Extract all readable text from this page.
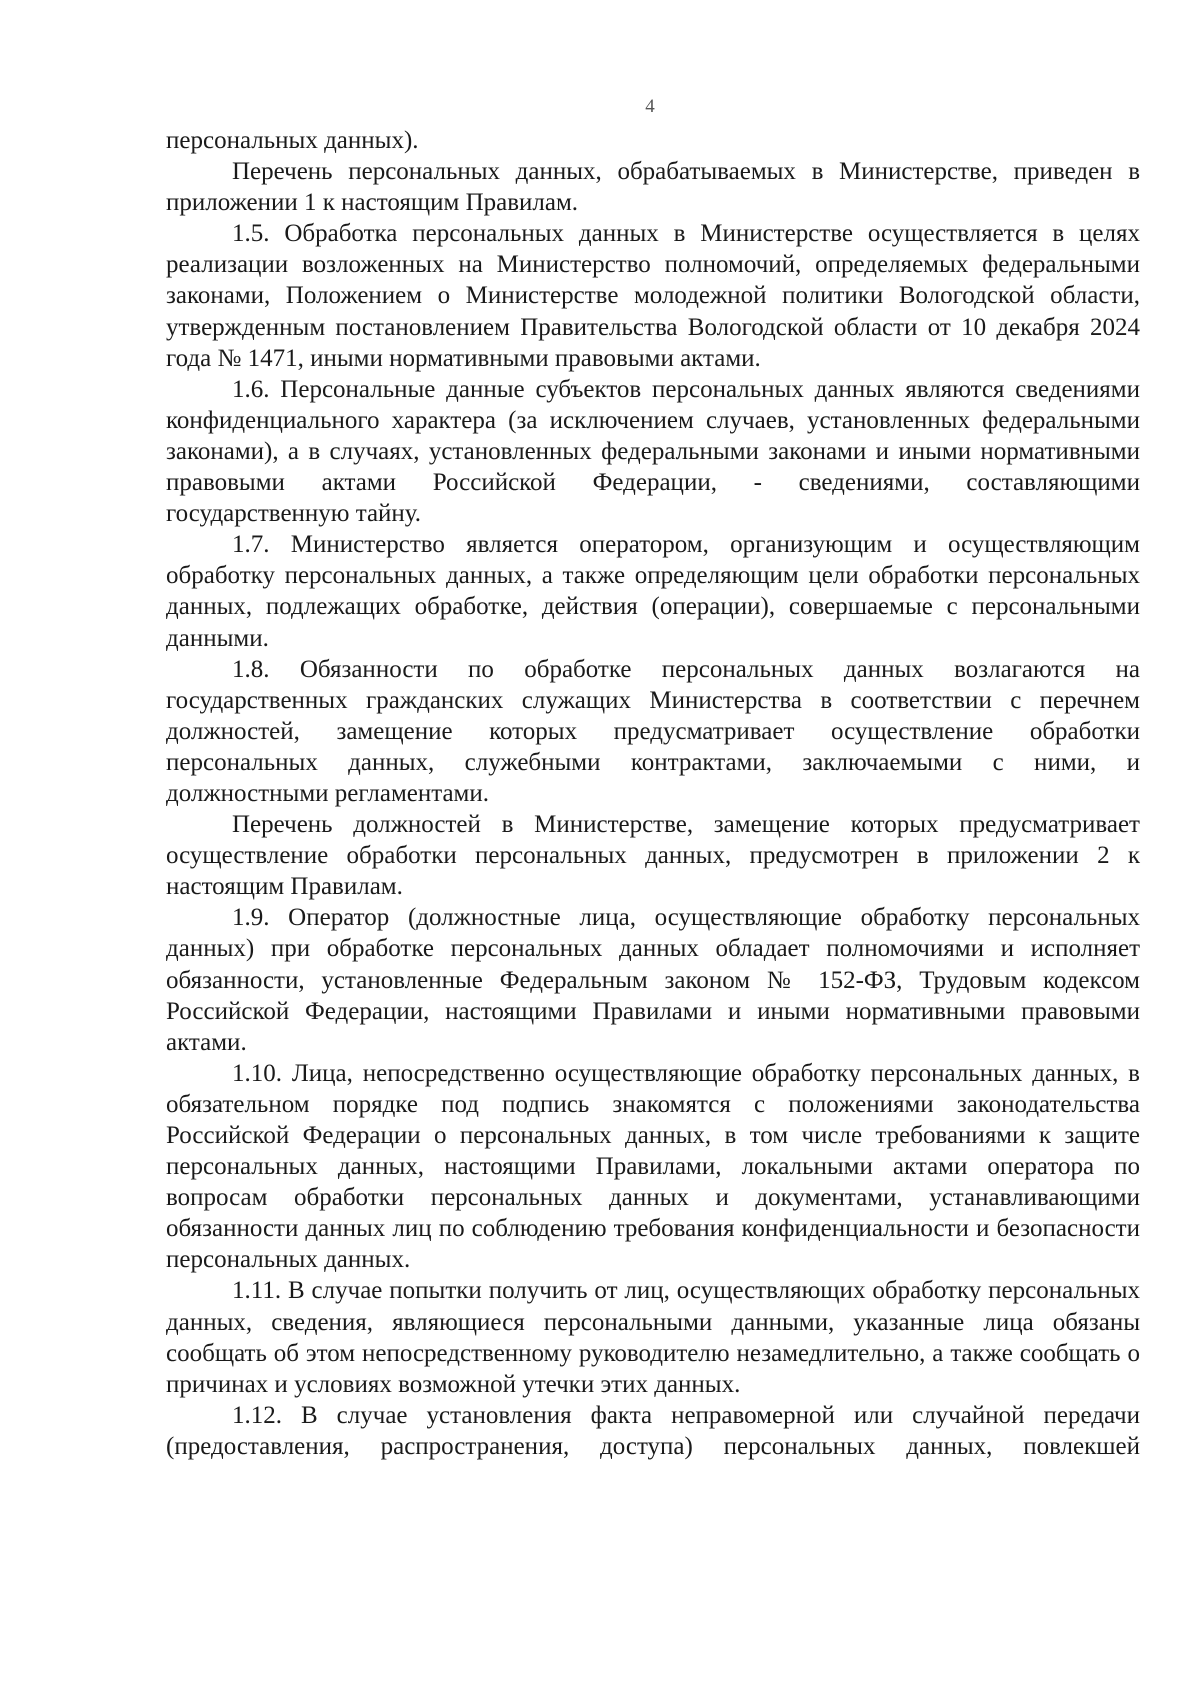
4

персональных данных).

Перечень персональных данных, обрабатываемых в Министерстве, приведен в приложении 1 к настоящим Правилам.

1.5. Обработка персональных данных в Министерстве осуществляется в целях реализации возложенных на Министерство полномочий, определяемых федеральными законами, Положением о Министерстве молодежной политики Вологодской области, утвержденным постановлением Правительства Вологодской области от 10 декабря 2024 года № 1471, иными нормативными правовыми актами.

1.6. Персональные данные субъектов персональных данных являются сведениями конфиденциального характера (за исключением случаев, установленных федеральными законами), а в случаях, установленных федеральными законами и иными нормативными правовыми актами Российской Федерации, - сведениями, составляющими государственную тайну.

1.7. Министерство является оператором, организующим и осуществляющим обработку персональных данных, а также определяющим цели обработки персональных данных, подлежащих обработке, действия (операции), совершаемые с персональными данными.

1.8. Обязанности по обработке персональных данных возлагаются на государственных гражданских служащих Министерства в соответствии с перечнем должностей, замещение которых предусматривает осуществление обработки персональных данных, служебными контрактами, заключаемыми с ними, и должностными регламентами.

Перечень должностей в Министерстве, замещение которых предусматривает осуществление обработки персональных данных, предусмотрен в приложении 2 к настоящим Правилам.

1.9. Оператор (должностные лица, осуществляющие обработку персональных данных) при обработке персональных данных обладает полномочиями и исполняет обязанности, установленные Федеральным законом № 152-ФЗ, Трудовым кодексом Российской Федерации, настоящими Правилами и иными нормативными правовыми актами.

1.10. Лица, непосредственно осуществляющие обработку персональных данных, в обязательном порядке под подпись знакомятся с положениями законодательства Российской Федерации о персональных данных, в том числе требованиями к защите персональных данных, настоящими Правилами, локальными актами оператора по вопросам обработки персональных данных и документами, устанавливающими обязанности данных лиц по соблюдению требования конфиденциальности и безопасности персональных данных.

1.11. В случае попытки получить от лиц, осуществляющих обработку персональных данных, сведения, являющиеся персональными данными, указанные лица обязаны сообщать об этом непосредственному руководителю незамедлительно, а также сообщать о причинах и условиях возможной утечки этих данных.

1.12. В случае установления факта неправомерной или случайной передачи (предоставления, распространения, доступа) персональных данных, повлекшей
